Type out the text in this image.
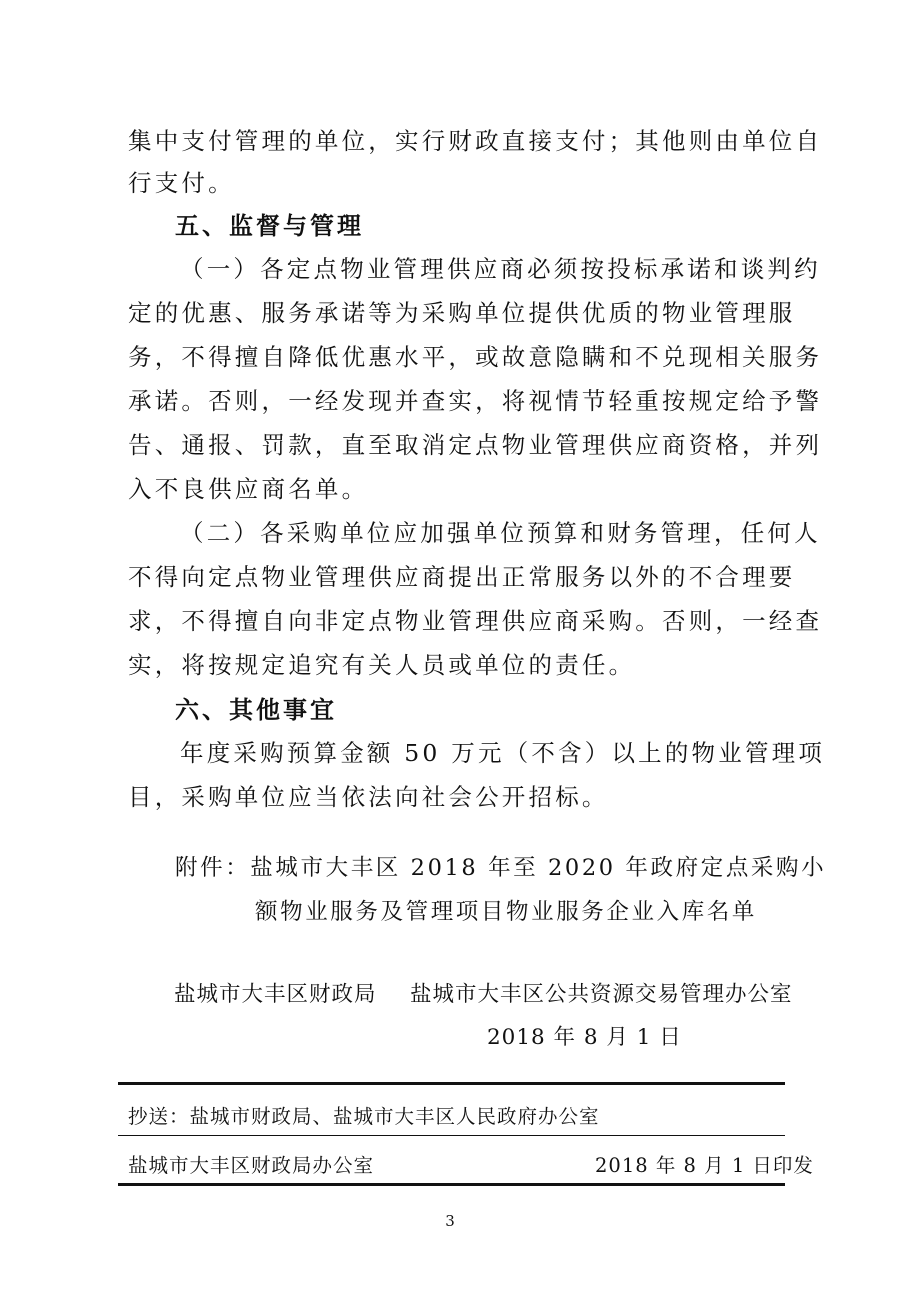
集中支付管理的单位，实行财政直接支付；其他则由单位自
行支付。
五、监督与管理
（一）各定点物业管理供应商必须按投标承诺和谈判约
定的优惠、服务承诺等为采购单位提供优质的物业管理服
务，不得擅自降低优惠水平，或故意隐瞒和不兑现相关服务
承诺。否则，一经发现并查实，将视情节轻重按规定给予警
告、通报、罚款，直至取消定点物业管理供应商资格，并列
入不良供应商名单。
（二）各采购单位应加强单位预算和财务管理，任何人
不得向定点物业管理供应商提出正常服务以外的不合理要
求，不得擅自向非定点物业管理供应商采购。否则，一经查
实，将按规定追究有关人员或单位的责任。
六、其他事宜
年度采购预算金额 50 万元（不含）以上的物业管理项
目，采购单位应当依法向社会公开招标。
附件：盐城市大丰区 2018 年至 2020 年政府定点采购小
额物业服务及管理项目物业服务企业入库名单
盐城市大丰区财政局 盐城市大丰区公共资源交易管理办公室
2018 年 8 月 1 日
抄送：盐城市财政局、盐城市大丰区人民政府办公室
盐城市大丰区财政局办公室	2018 年 8 月 1 日印发
3
